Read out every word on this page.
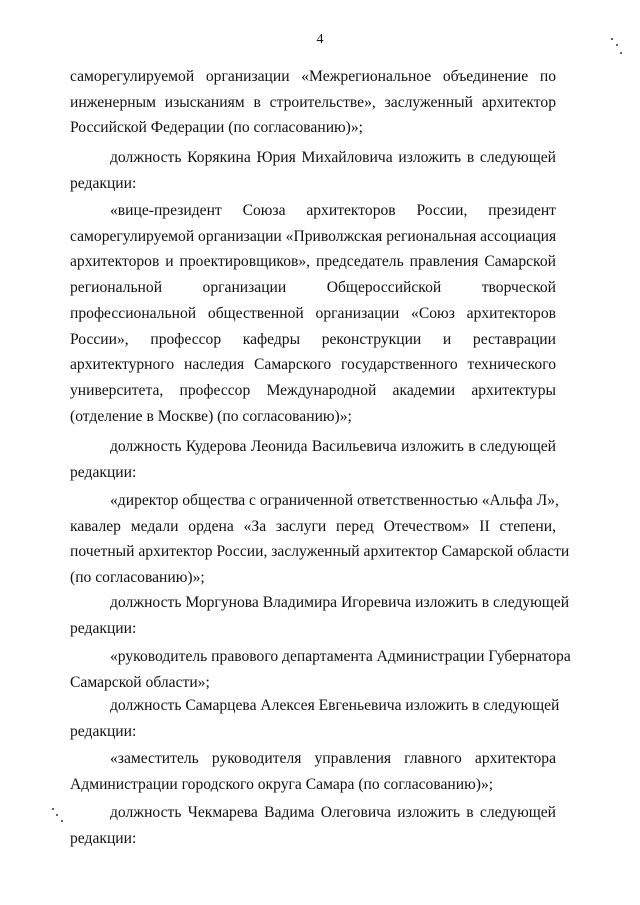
4
саморегулируемой организации «Межрегиональное объединение по
инженерным изысканиям в строительстве», заслуженный архитектор
Российской Федерации (по согласованию)»;
должность Корякина Юрия Михайловича изложить в следующей
редакции:
«вице-президент Союза архитекторов России, президент
саморегулируемой организации «Приволжская региональная ассоциация
архитекторов и проектировщиков», председатель правления Самарской
региональной организации Общероссийской творческой
профессиональной общественной организации «Союз архитекторов
России», профессор кафедры реконструкции и реставрации
архитектурного наследия Самарского государственного технического
университета, профессор Международной академии архитектуры
(отделение в Москве) (по согласованию)»;
должность Кудерова Леонида Васильевича изложить в следующей
редакции:
«директор общества с ограниченной ответственностью «Альфа Л»,
кавалер медали ордена «За заслуги перед Отечеством» II степени,
почетный архитектор России, заслуженный архитектор Самарской области
(по согласованию)»;
должность Моргунова Владимира Игоревича изложить в следующей
редакции:
«руководитель правового департамента Администрации Губернатора
Самарской области»;
должность Самарцева Алексея Евгеньевича изложить в следующей
редакции:
«заместитель руководителя управления главного архитектора
Администрации городского округа Самара (по согласованию)»;
должность Чекмарева Вадима Олеговича изложить в следующей
редакции:
